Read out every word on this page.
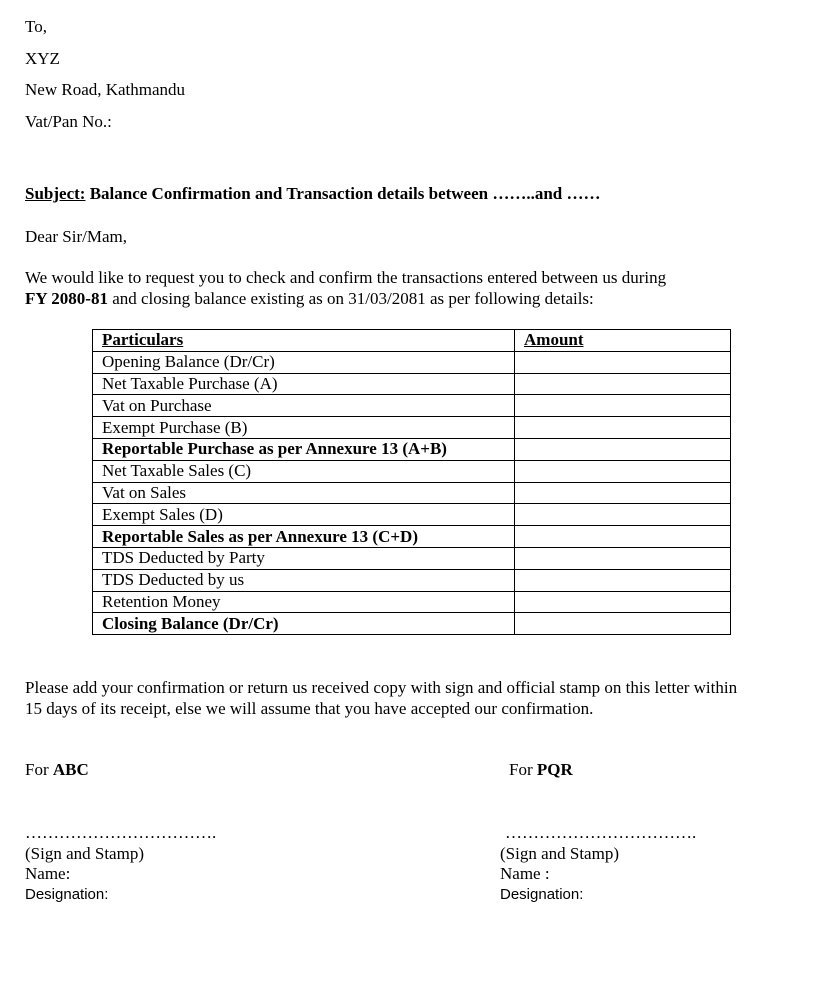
To,
XYZ
New Road, Kathmandu
Vat/Pan No.:
Subject: Balance Confirmation and Transaction details between ……..and ……
Dear Sir/Mam,
We would like to request you to check and confirm the transactions entered between us during
FY 2080-81 and closing balance existing as on 31/03/2081 as per following details:
Particulars	Amount
Opening Balance (Dr/Cr)	
Net Taxable Purchase (A)	
Vat on Purchase	
Exempt Purchase (B)	
Reportable Purchase as per Annexure 13 (A+B)	
Net Taxable Sales (C)	
Vat on Sales	
Exempt Sales (D)	
Reportable Sales as per Annexure 13 (C+D)	
TDS Deducted by Party	
TDS Deducted by us	
Retention Money	
Closing Balance (Dr/Cr)	
Please add your confirmation or return us received copy with sign and official stamp on this letter within
15 days of its receipt, else we will assume that you have accepted our confirmation.
For ABC
…………………………….
(Sign and Stamp)
Name:
Designation:
For PQR
…………………………….
(Sign and Stamp)
Name :
Designation:
